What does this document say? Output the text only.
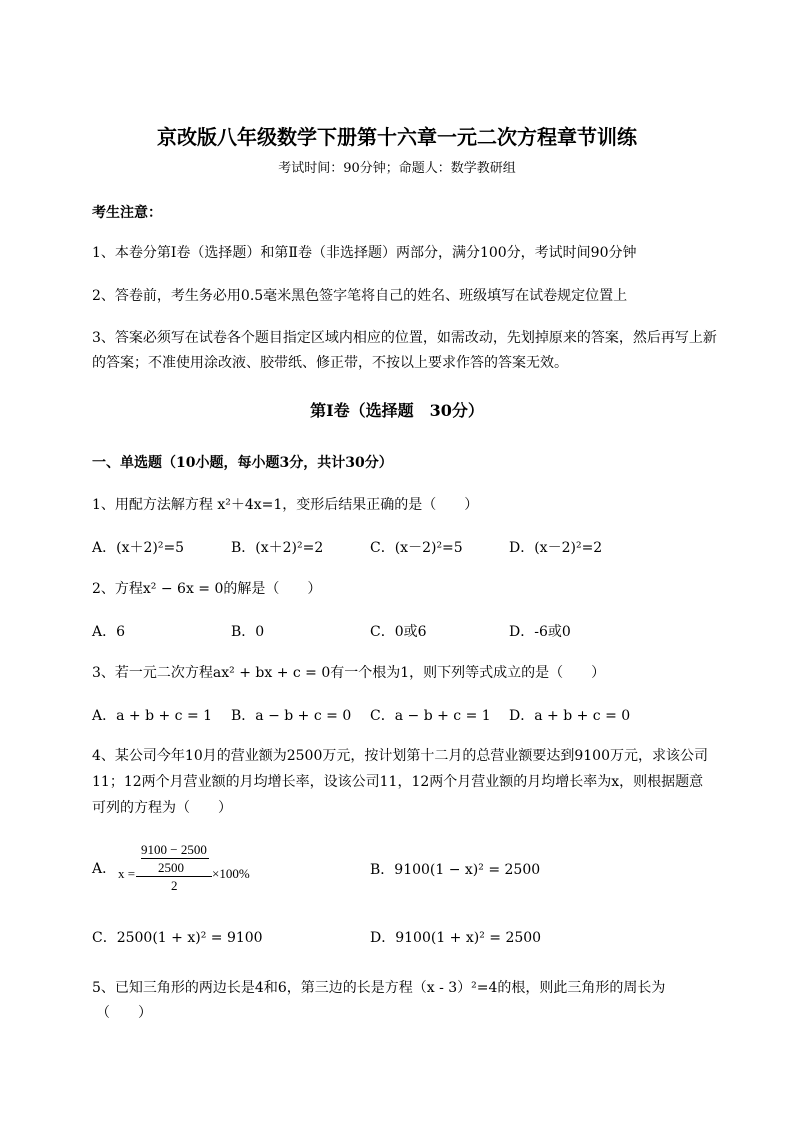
京改版八年级数学下册第十六章一元二次方程章节训练
考试时间：90分钟；命题人：数学教研组
考生注意：
1、本卷分第I卷（选择题）和第Ⅱ卷（非选择题）两部分，满分100分，考试时间90分钟
2、答卷前，考生务必用0.5毫米黑色签字笔将自己的姓名、班级填写在试卷规定位置上
3、答案必须写在试卷各个题目指定区域内相应的位置，如需改动，先划掉原来的答案，然后再写上新
的答案；不准使用涂改液、胶带纸、修正带，不按以上要求作答的答案无效。
第I卷（选择题　30分）
一、单选题（10小题，每小题3分，共计30分）
1、用配方法解方程 x²＋4x=1，变形后结果正确的是（　　）
A．(x＋2)²=5	B．(x＋2)²=2	C．(x－2)²=5	D．(x－2)²=2
2、方程x² − 6x = 0的解是（　　）
A．6	B．0	C．0或6	D．-6或0
3、若一元二次方程ax² + bx + c = 0有一个根为1，则下列等式成立的是（　　）
A．a + b + c = 1 B．a − b + c = 0 C．a − b + c = 1 D．a + b + c = 0
4、某公司今年10月的营业额为2500万元，按计划第十二月的总营业额要达到9100万元，求该公司
11；12两个月营业额的月均增长率，设该公司11，12两个月营业额的月均增长率为x，则根据题意
可列的方程为（　　）
A． x =
9100 − 2500
2500
2
×100%	B．9100(1 − x)² = 2500
C．2500(1 + x)² = 9100	D．9100(1 + x)² = 2500
5、已知三角形的两边长是4和6，第三边的长是方程（x - 3）²=4的根，则此三角形的周长为
（　　）
